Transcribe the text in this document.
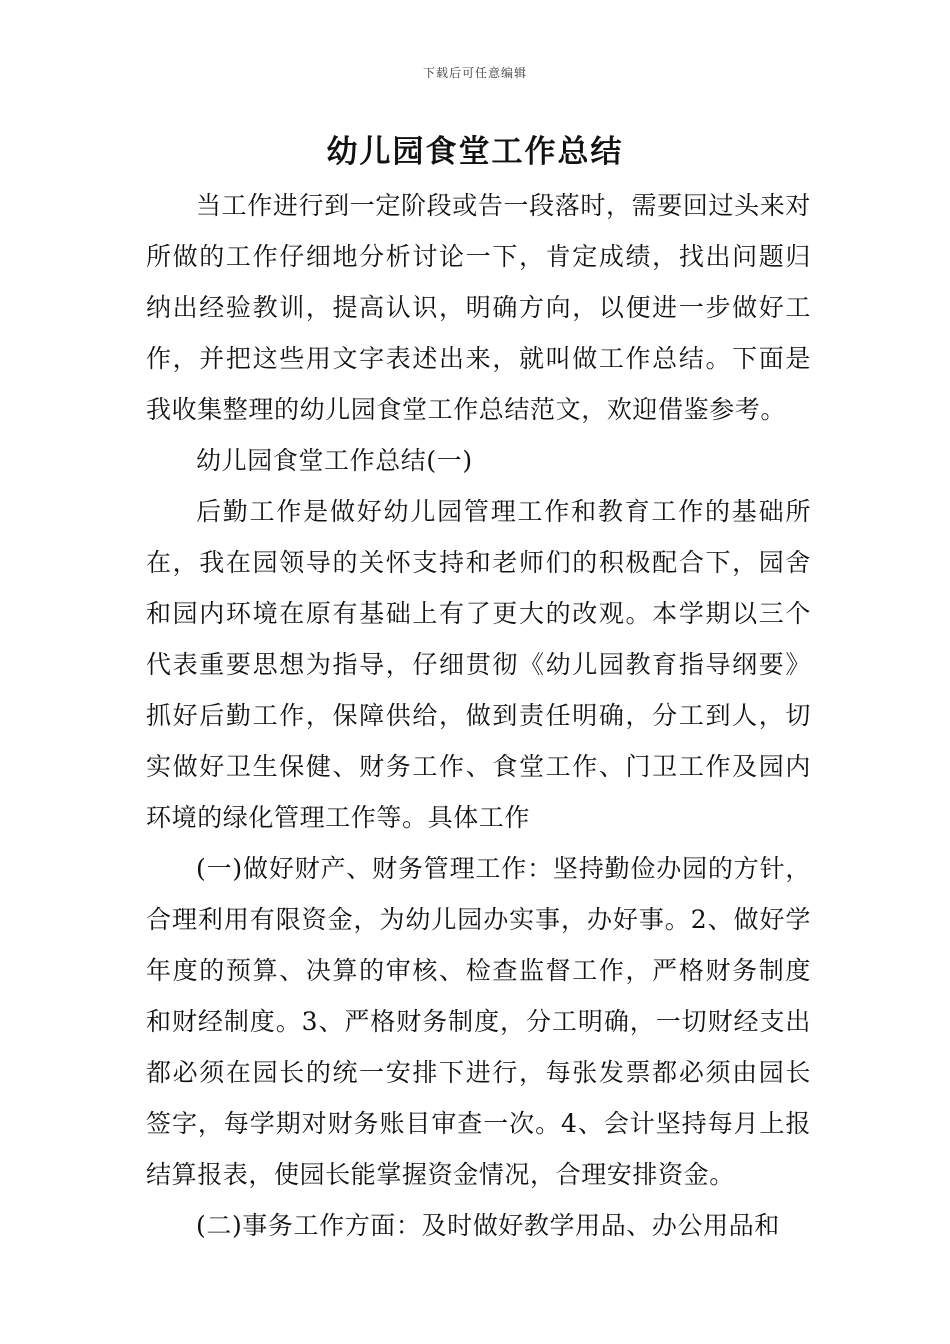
下载后可任意编辑
幼儿园食堂工作总结

当工作进行到一定阶段或告一段落时，需要回过头来对所做的工作仔细地分析讨论一下，肯定成绩，找出问题归纳出经验教训，提高认识，明确方向，以便进一步做好工作，并把这些用文字表述出来，就叫做工作总结。下面是我收集整理的幼儿园食堂工作总结范文，欢迎借鉴参考。

幼儿园食堂工作总结(一)

后勤工作是做好幼儿园管理工作和教育工作的基础所在，我在园领导的关怀支持和老师们的积极配合下，园舍和园内环境在原有基础上有了更大的改观。本学期以三个代表重要思想为指导，仔细贯彻《幼儿园教育指导纲要》抓好后勤工作，保障供给，做到责任明确，分工到人，切实做好卫生保健、财务工作、食堂工作、门卫工作及园内环境的绿化管理工作等。具体工作

(一)做好财产、财务管理工作：坚持勤俭办园的方针，合理利用有限资金，为幼儿园办实事，办好事。2、做好学年度的预算、决算的审核、检查监督工作，严格财务制度和财经制度。3、严格财务制度，分工明确，一切财经支出都必须在园长的统一安排下进行，每张发票都必须由园长签字，每学期对财务账目审查一次。4、会计坚持每月上报结算报表，使园长能掌握资金情况，合理安排资金。

(二)事务工作方面：及时做好教学用品、办公用品和
